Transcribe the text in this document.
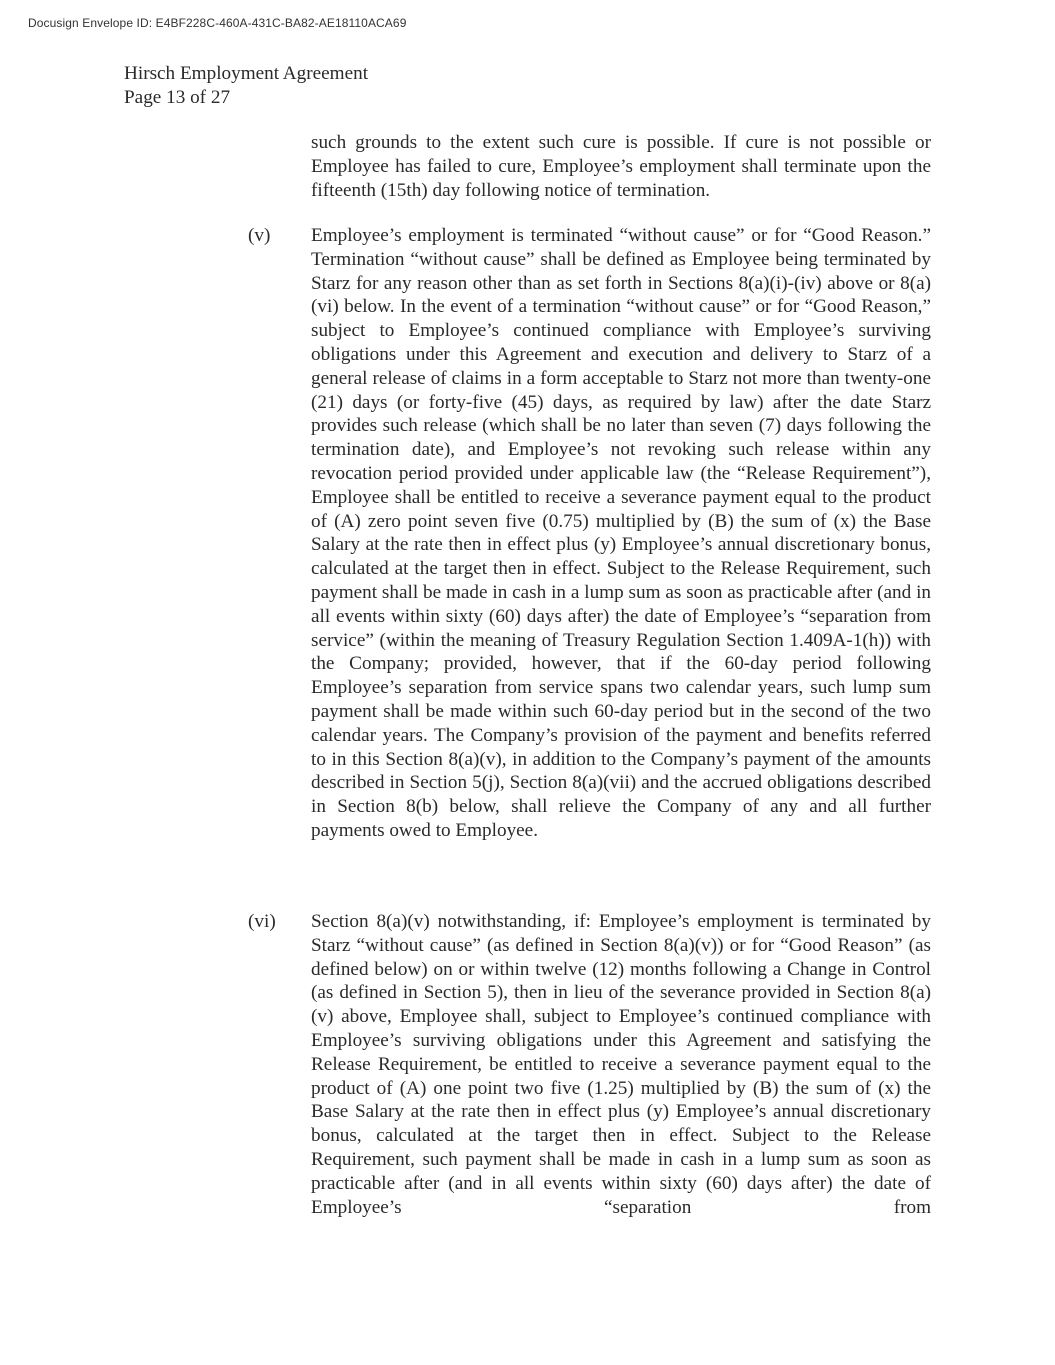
Docusign Envelope ID: E4BF228C-460A-431C-BA82-AE18110ACA69
Hirsch Employment Agreement
Page 13 of 27
such grounds to the extent such cure is possible. If cure is not possible or Employee has failed to cure, Employee’s employment shall terminate upon the fifteenth (15th) day following notice of termination.
(v) Employee’s employment is terminated “without cause” or for “Good Reason.” Termination “without cause” shall be defined as Employee being terminated by Starz for any reason other than as set forth in Sections 8(a)(i)-(iv) above or 8(a)(vi) below. In the event of a termination “without cause” or for “Good Reason,” subject to Employee’s continued compliance with Employee’s surviving obligations under this Agreement and execution and delivery to Starz of a general release of claims in a form acceptable to Starz not more than twenty-one (21) days (or forty-five (45) days, as required by law) after the date Starz provides such release (which shall be no later than seven (7) days following the termination date), and Employee’s not revoking such release within any revocation period provided under applicable law (the “Release Requirement”), Employee shall be entitled to receive a severance payment equal to the product of (A) zero point seven five (0.75) multiplied by (B) the sum of (x) the Base Salary at the rate then in effect plus (y) Employee’s annual discretionary bonus, calculated at the target then in effect. Subject to the Release Requirement, such payment shall be made in cash in a lump sum as soon as practicable after (and in all events within sixty (60) days after) the date of Employee’s “separation from service” (within the meaning of Treasury Regulation Section 1.409A-1(h)) with the Company; provided, however, that if the 60-day period following Employee’s separation from service spans two calendar years, such lump sum payment shall be made within such 60-day period but in the second of the two calendar years. The Company’s provision of the payment and benefits referred to in this Section 8(a)(v), in addition to the Company’s payment of the amounts described in Section 5(j), Section 8(a)(vii) and the accrued obligations described in Section 8(b) below, shall relieve the Company of any and all further payments owed to Employee.
(vi) Section 8(a)(v) notwithstanding, if: Employee’s employment is terminated by Starz “without cause” (as defined in Section 8(a)(v)) or for “Good Reason” (as defined below) on or within twelve (12) months following a Change in Control (as defined in Section 5), then in lieu of the severance provided in Section 8(a)(v) above, Employee shall, subject to Employee’s continued compliance with Employee’s surviving obligations under this Agreement and satisfying the Release Requirement, be entitled to receive a severance payment equal to the product of (A) one point two five (1.25) multiplied by (B) the sum of (x) the Base Salary at the rate then in effect plus (y) Employee’s annual discretionary bonus, calculated at the target then in effect. Subject to the Release Requirement, such payment shall be made in cash in a lump sum as soon as practicable after (and in all events within sixty (60) days after) the date of Employee’s “separation from
